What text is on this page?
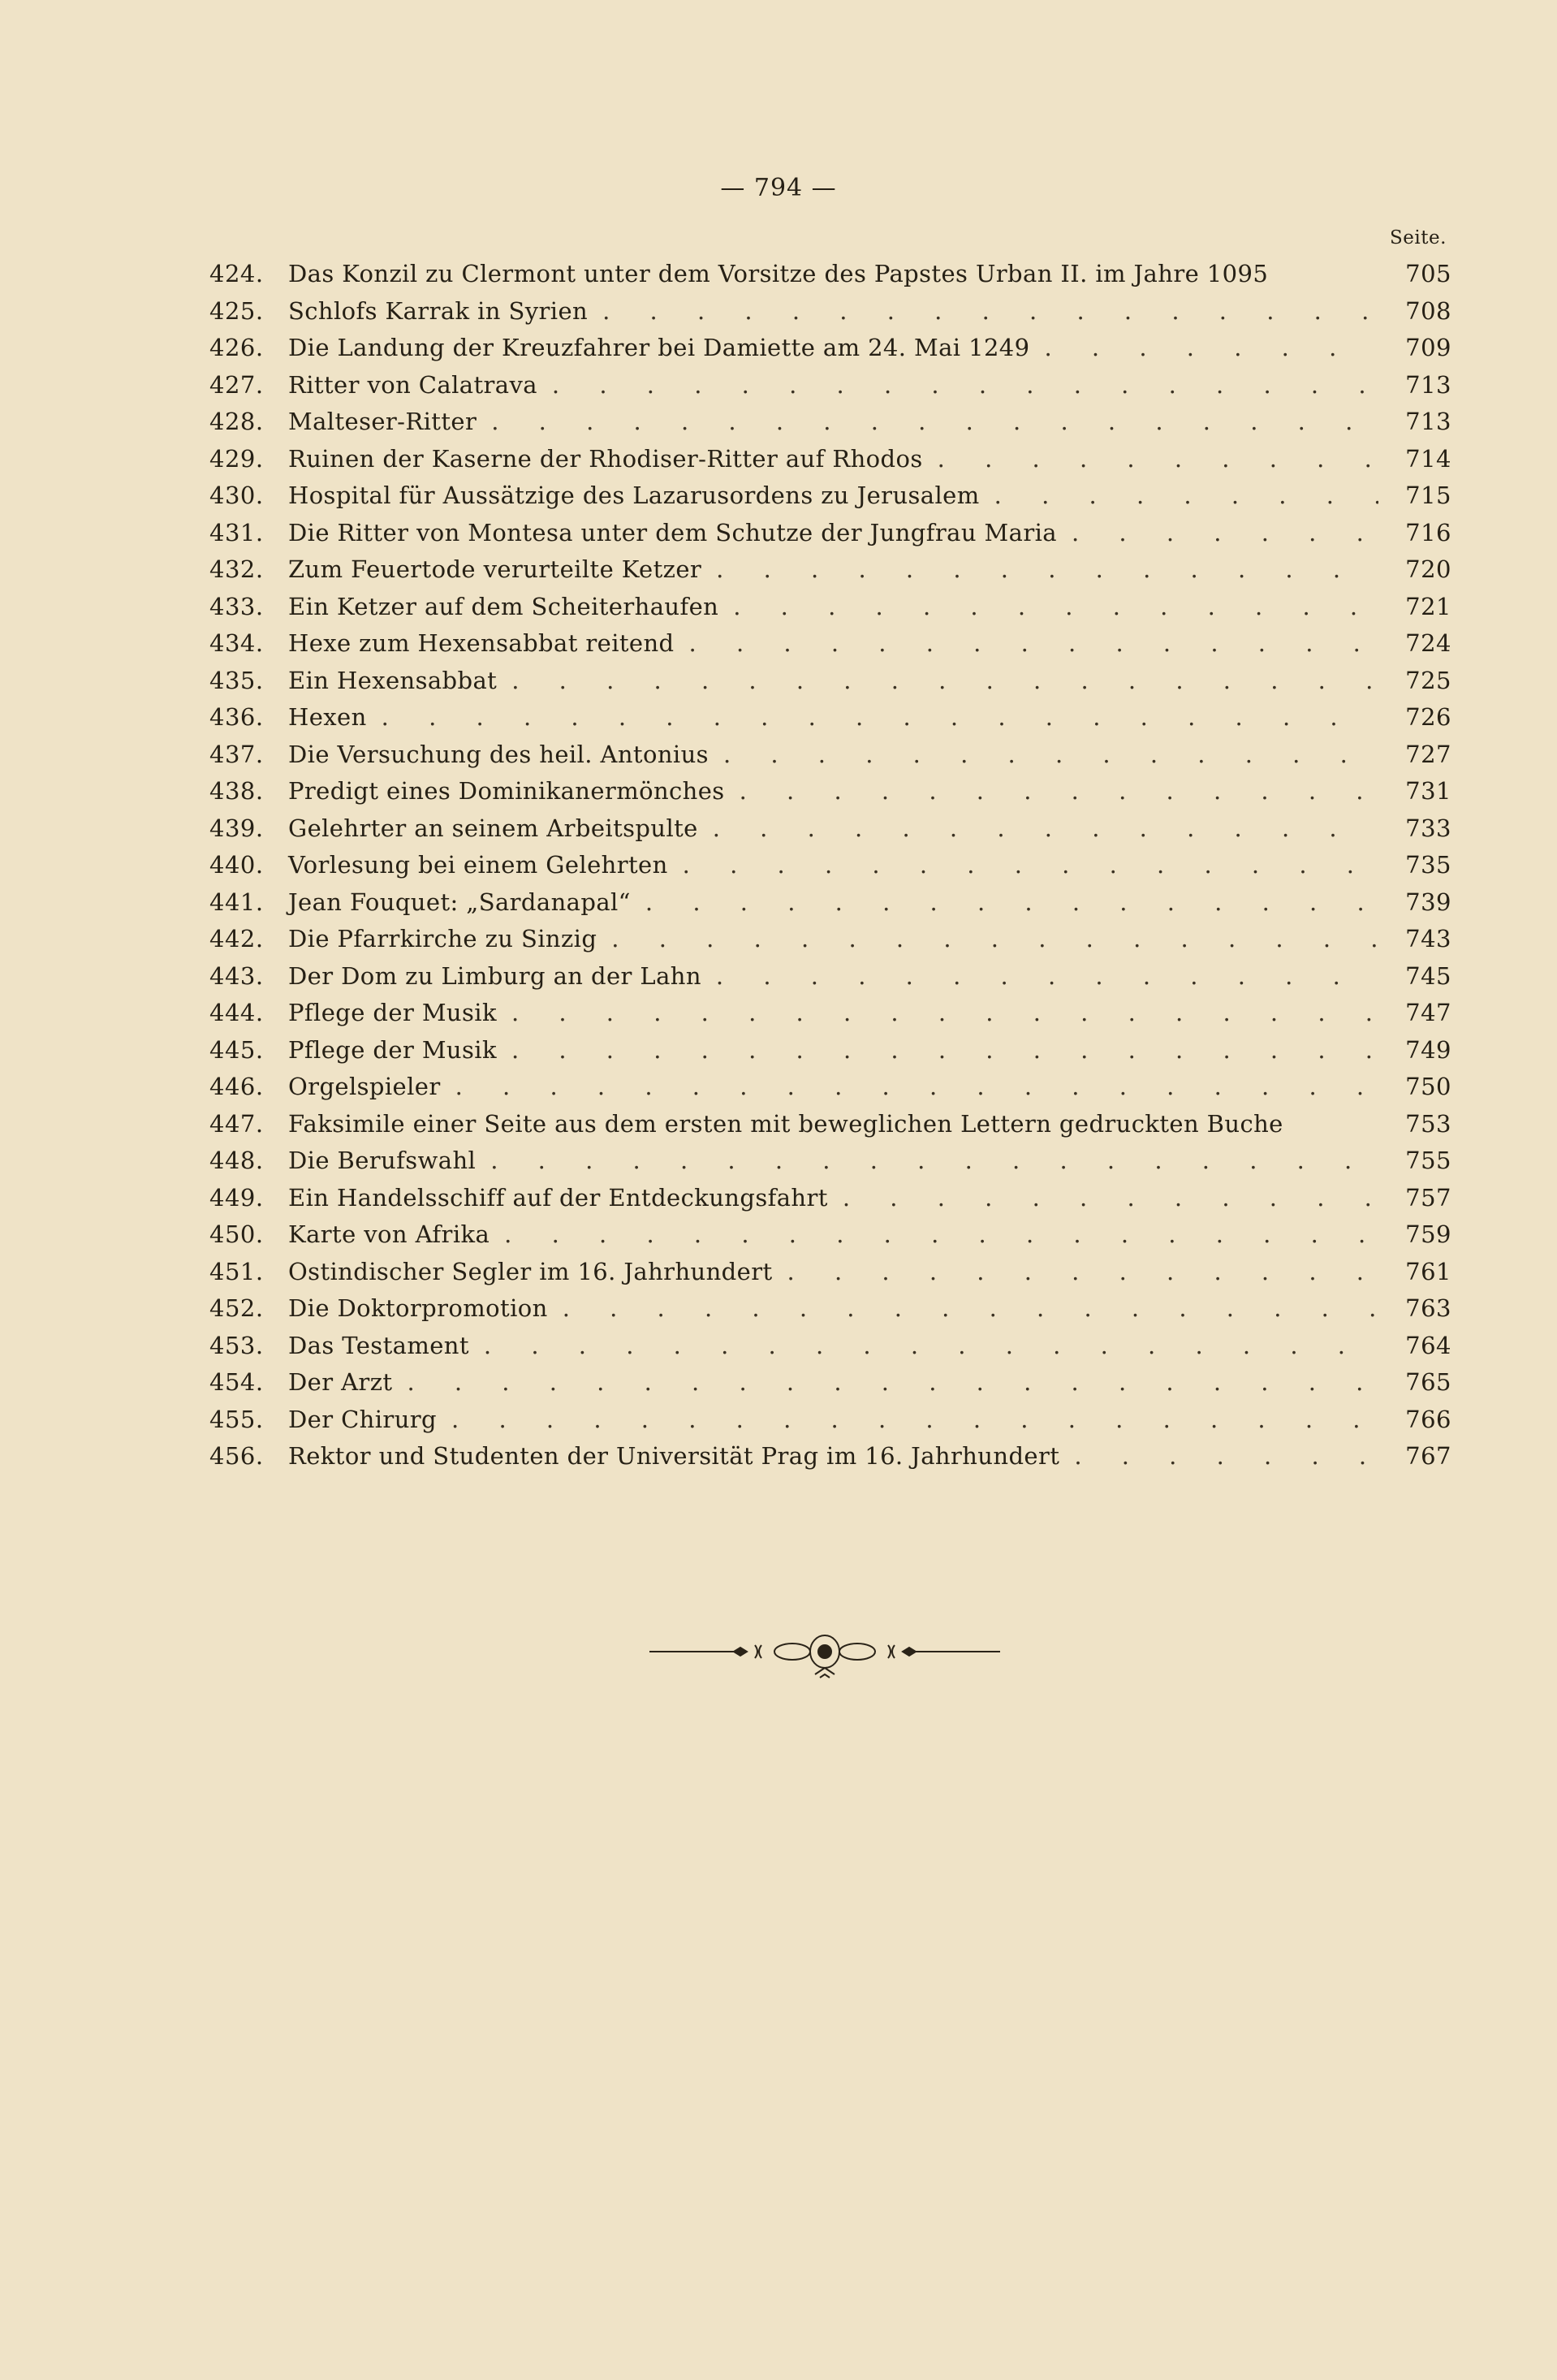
— 794 —
Seite.
424.	Das Konzil zu Clermont unter dem Vorsitze des Papstes Urban II. im Jahre 1095	705
425.	Schlofs Karrak in Syrien . . .	708
426.	Die Landung der Kreuzfahrer bei Damiette am 24. Mai 1249 . . .	709
427.	Ritter von Calatrava . . .	713
428.	Malteser-Ritter . . .	713
429.	Ruinen der Kaserne der Rhodiser-Ritter auf Rhodos . . .	714
430.	Hospital für Aussätzige des Lazarusordens zu Jerusalem . . .	715
431.	Die Ritter von Montesa unter dem Schutze der Jungfrau Maria . . .	716
432.	Zum Feuertode verurteilte Ketzer . . .	720
433.	Ein Ketzer auf dem Scheiterhaufen . . .	721
434.	Hexe zum Hexensabbat reitend . . .	724
435.	Ein Hexensabbat . . .	725
436.	Hexen . . .	726
437.	Die Versuchung des heil. Antonius . . .	727
438.	Predigt eines Dominikanermönches . . .	731
439.	Gelehrter an seinem Arbeitspulte . . .	733
440.	Vorlesung bei einem Gelehrten . . .	735
441.	Jean Fouquet: „Sardanapal“ . . .	739
442.	Die Pfarrkirche zu Sinzig . . .	743
443.	Der Dom zu Limburg an der Lahn . . .	745
444.	Pflege der Musik . . .	747
445.	Pflege der Musik . . .	749
446.	Orgelspieler . . .	750
447.	Faksimile einer Seite aus dem ersten mit beweglichen Lettern gedruckten Buche	753
448.	Die Berufswahl . . .	755
449.	Ein Handelsschiff auf der Entdeckungsfahrt . . .	757
450.	Karte von Afrika . . .	759
451.	Ostindischer Segler im 16. Jahrhundert . . .	761
452.	Die Doktorpromotion . . .	763
453.	Das Testament . . .	764
454.	Der Arzt . . .	765
455.	Der Chirurg . . .	766
456.	Rektor und Studenten der Universität Prag im 16. Jahrhundert . . .	767
